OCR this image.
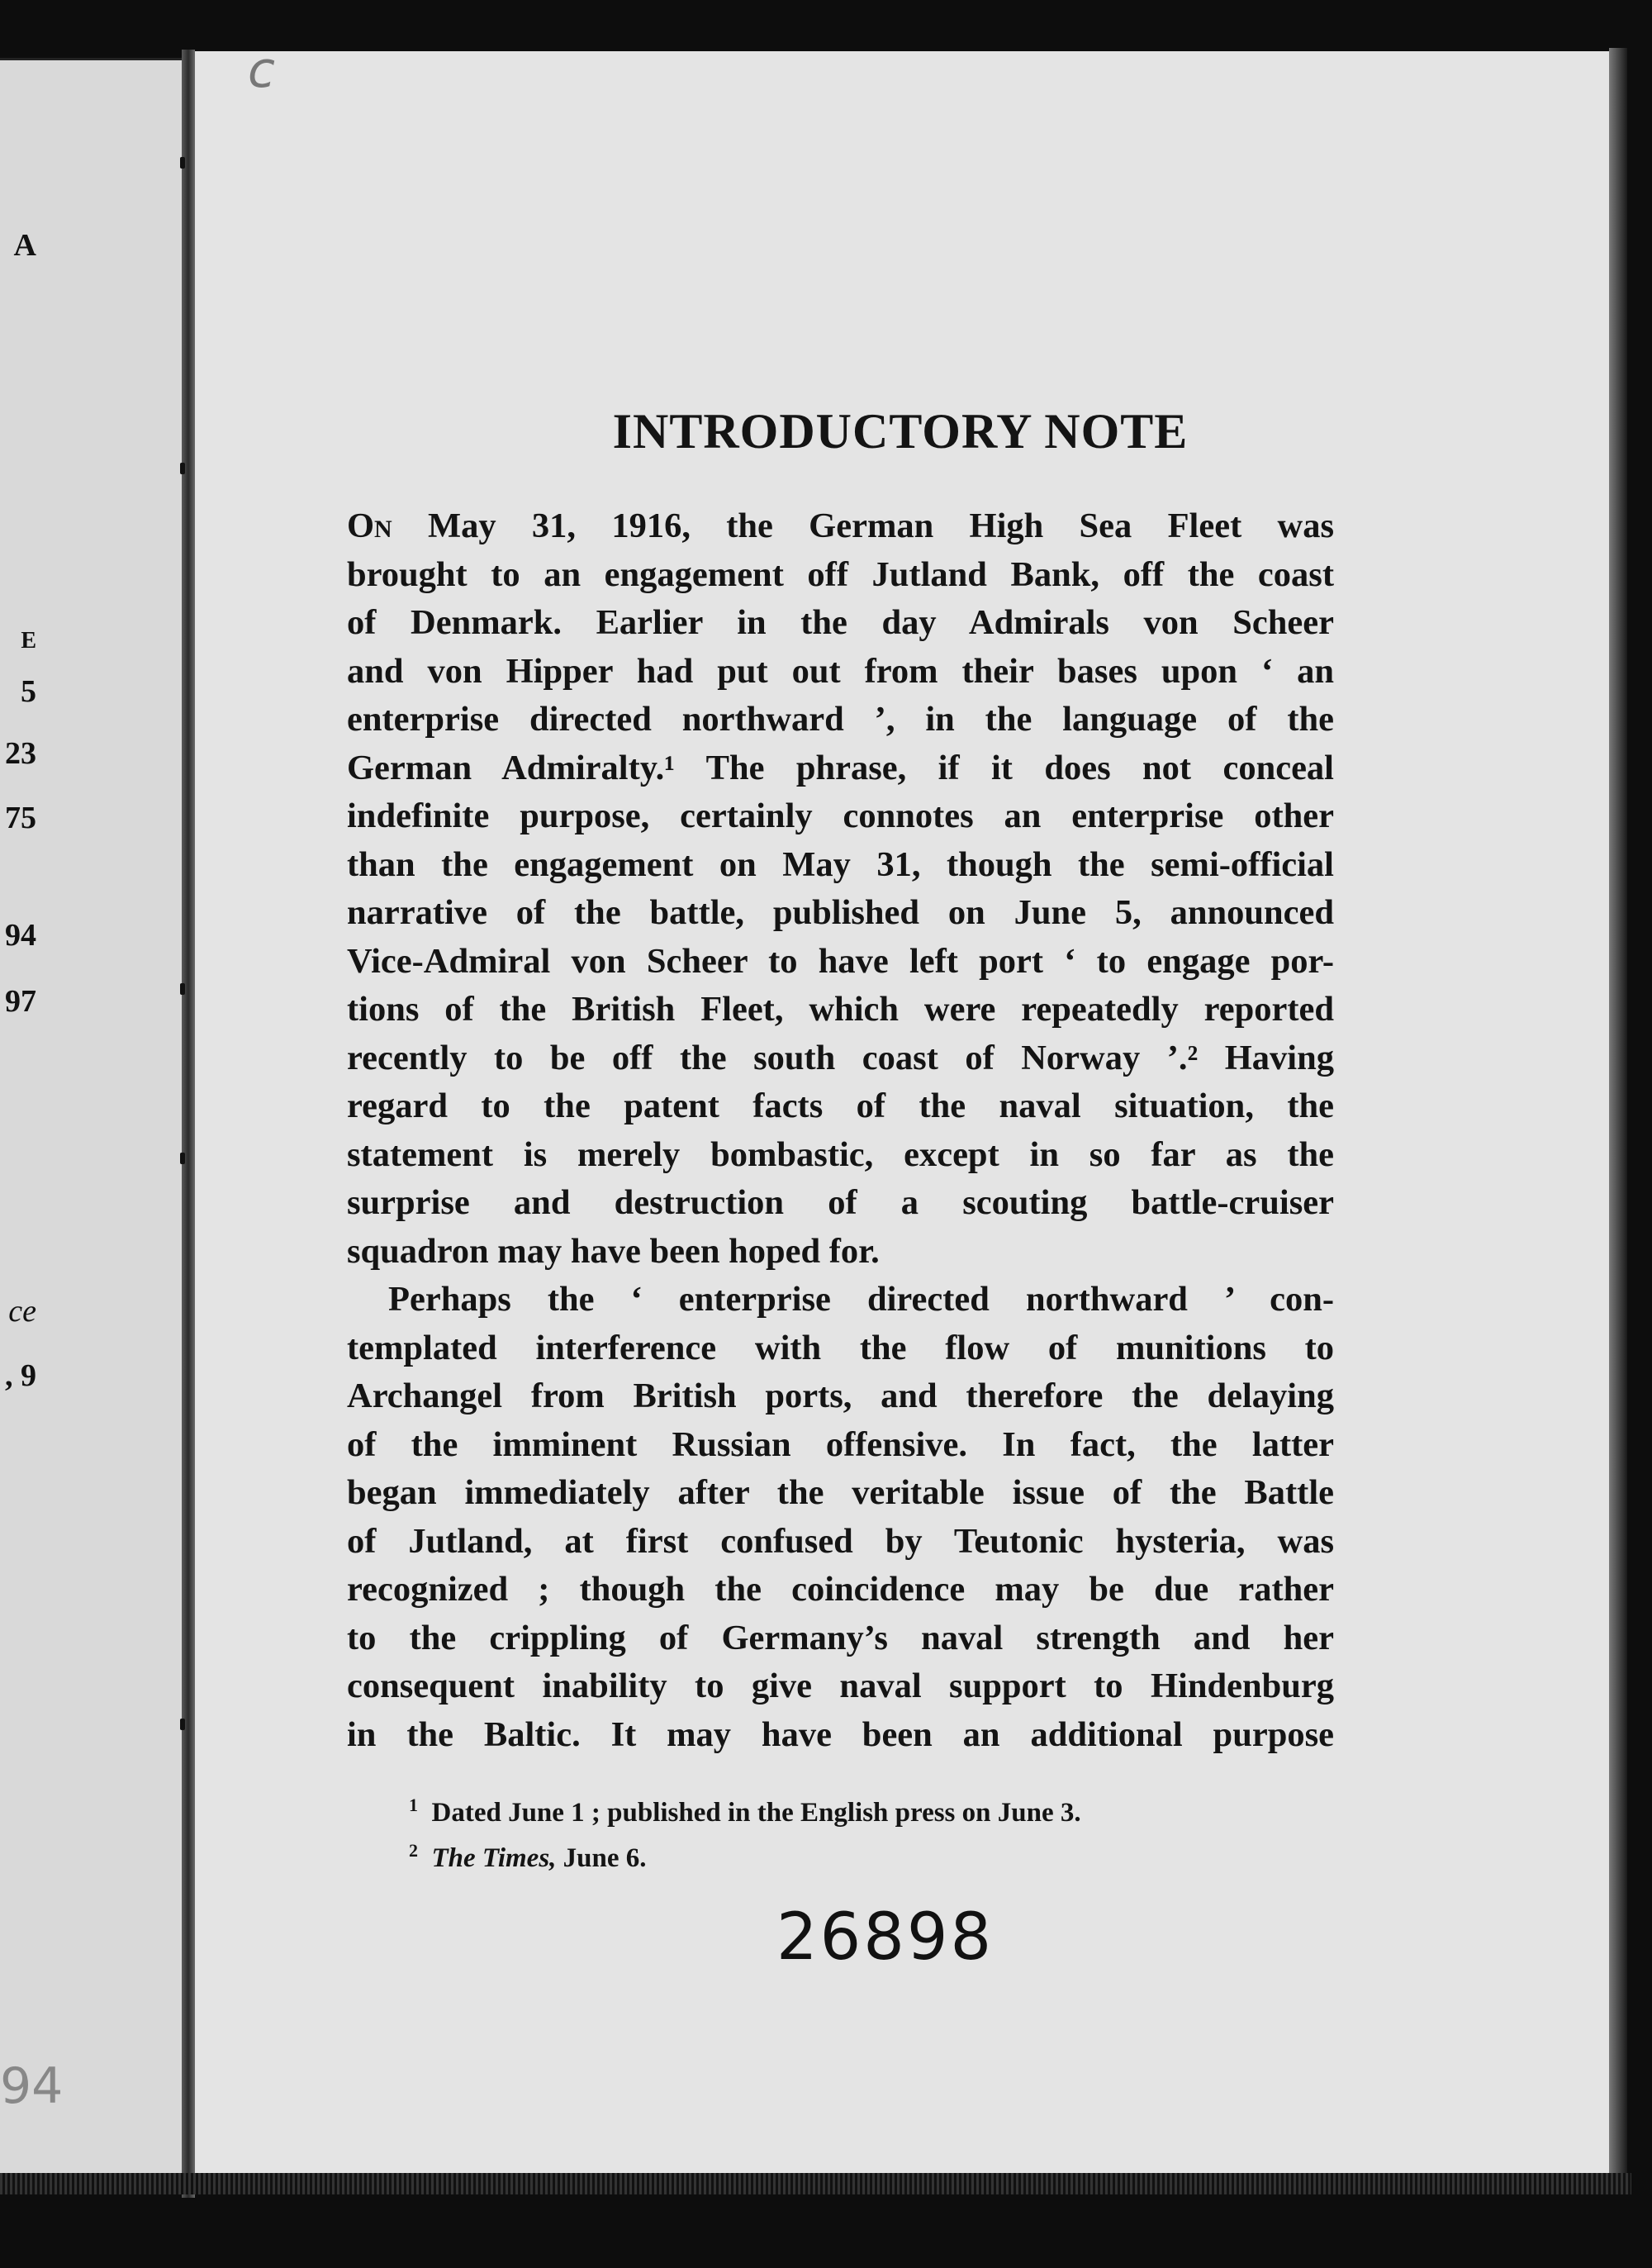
A
E
5
23
75
94
97
ce
, 9
c
94
INTRODUCTORY NOTE
On May 31, 1916, the German High Sea Fleet was
brought to an engagement off Jutland Bank, off the coast
of Denmark. Earlier in the day Admirals von Scheer
and von Hipper had put out from their bases upon ‘ an
enterprise directed northward ’, in the language of the
German Admiralty.¹ The phrase, if it does not conceal
indefinite purpose, certainly connotes an enterprise other
than the engagement on May 31, though the semi-official
narrative of the battle, published on June 5, announced
Vice-Admiral von Scheer to have left port ‘ to engage por-
tions of the British Fleet, which were repeatedly reported
recently to be off the south coast of Norway ’.² Having
regard to the patent facts of the naval situation, the
statement is merely bombastic, except in so far as the
surprise and destruction of a scouting battle-cruiser
squadron may have been hoped for.
Perhaps the ‘ enterprise directed northward ’ con-
templated interference with the flow of munitions to
Archangel from British ports, and therefore the delaying
of the imminent Russian offensive. In fact, the latter
began immediately after the veritable issue of the Battle
of Jutland, at first confused by Teutonic hysteria, was
recognized ; though the coincidence may be due rather
to the crippling of Germany’s naval strength and her
consequent inability to give naval support to Hindenburg
in the Baltic. It may have been an additional purpose
$^1$ Dated June 1 ; published in the English press on June 3.
$^2$ The Times, June 6.
26898
